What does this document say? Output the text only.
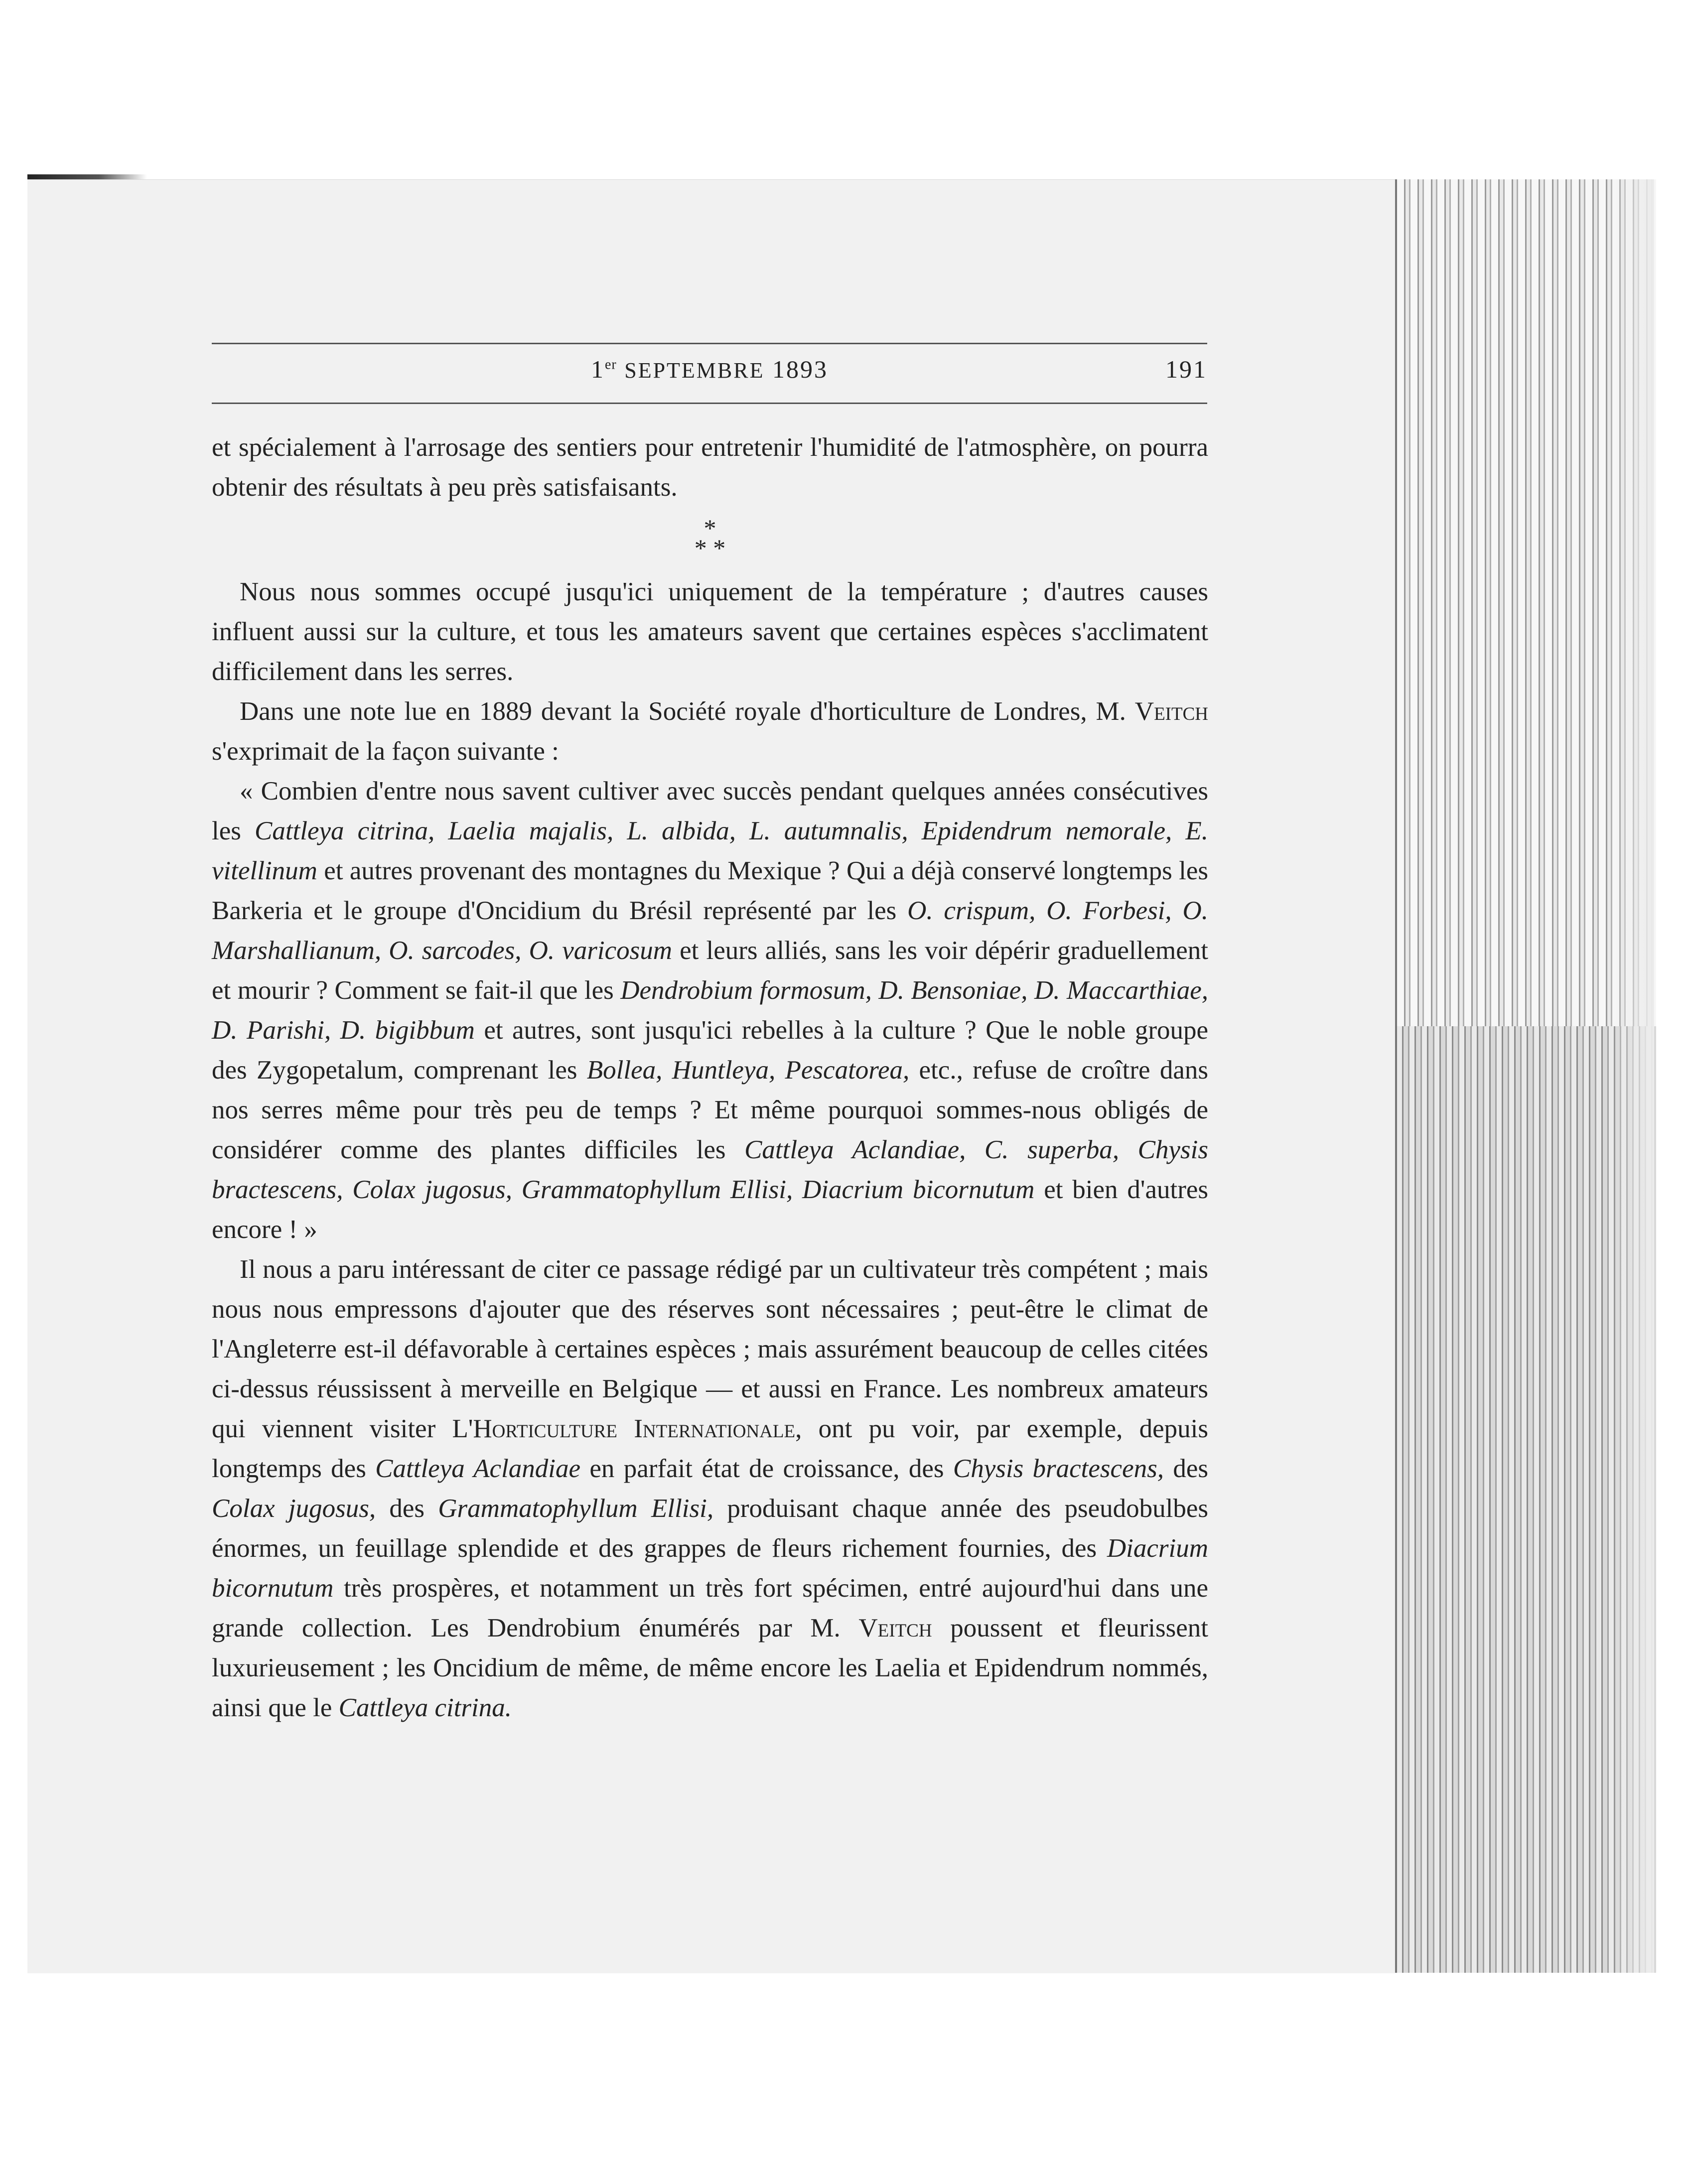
1er SEPTEMBRE 1893	191

et spécialement à l'arrosage des sentiers pour entretenir l'humidité de l'atmosphère, on pourra obtenir des résultats à peu près satisfaisants.

*
* *

Nous nous sommes occupé jusqu'ici uniquement de la température ; d'autres causes influent aussi sur la culture, et tous les amateurs savent que certaines espèces s'acclimatent difficilement dans les serres.

Dans une note lue en 1889 devant la Société royale d'horticulture de Londres, M. Veitch s'exprimait de la façon suivante :

« Combien d'entre nous savent cultiver avec succès pendant quelques années consécutives les Cattleya citrina, Laelia majalis, L. albida, L. autumnalis, Epidendrum nemorale, E. vitellinum et autres provenant des montagnes du Mexique ? Qui a déjà conservé longtemps les Barkeria et le groupe d'Oncidium du Brésil représenté par les O. crispum, O. Forbesi, O. Marshallianum, O. sarcodes, O. varicosum et leurs alliés, sans les voir dépérir graduellement et mourir ? Comment se fait-il que les Dendrobium formosum, D. Bensoniae, D. Maccarthiae, D. Parishi, D. bigibbum et autres, sont jusqu'ici rebelles à la culture ? Que le noble groupe des Zygopetalum, comprenant les Bollea, Huntleya, Pescatorea, etc., refuse de croître dans nos serres même pour très peu de temps ? Et même pourquoi sommes-nous obligés de considérer comme des plantes difficiles les Cattleya Aclandiae, C. superba, Chysis bractescens, Colax jugosus, Grammatophyllum Ellisi, Diacrium bicornutum et bien d'autres encore ! »

Il nous a paru intéressant de citer ce passage rédigé par un cultivateur très compétent ; mais nous nous empressons d'ajouter que des réserves sont nécessaires ; peut-être le climat de l'Angleterre est-il défavorable à certaines espèces ; mais assurément beaucoup de celles citées ci-dessus réussissent à merveille en Belgique — et aussi en France. Les nombreux amateurs qui viennent visiter L'Horticulture Internationale, ont pu voir, par exemple, depuis longtemps des Cattleya Aclandiae en parfait état de croissance, des Chysis bractescens, des Colax jugosus, des Grammatophyllum Ellisi, produisant chaque année des pseudobulbes énormes, un feuillage splendide et des grappes de fleurs richement fournies, des Diacrium bicornutum très prospères, et notamment un très fort spécimen, entré aujourd'hui dans une grande collection. Les Dendrobium énumérés par M. Veitch poussent et fleurissent luxurieusement ; les Oncidium de même, de même encore les Laelia et Epidendrum nommés, ainsi que le Cattleya citrina.
